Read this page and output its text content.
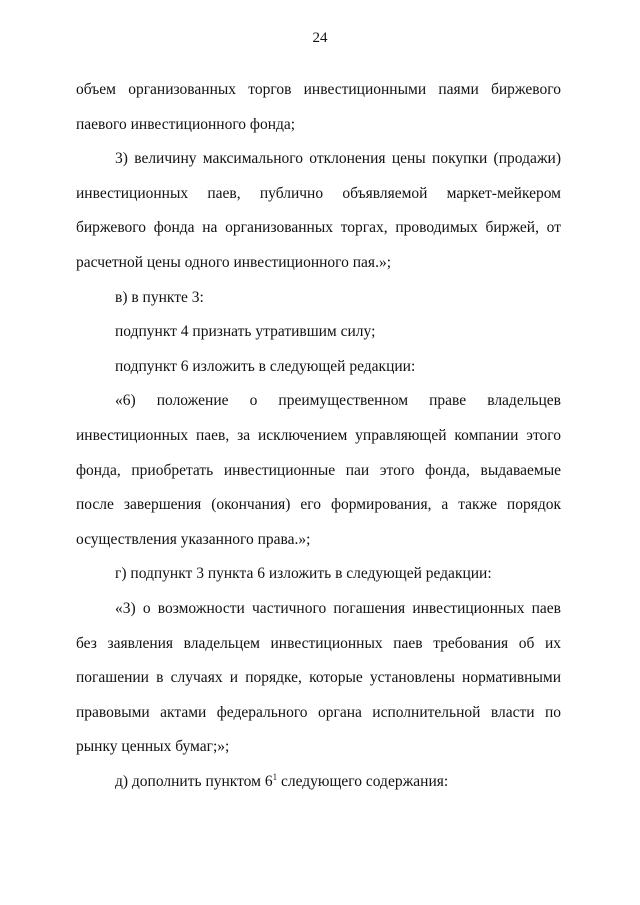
24

объем организованных торгов инвестиционными паями биржевого паевого инвестиционного фонда;

3) величину максимального отклонения цены покупки (продажи) инвестиционных паев, публично объявляемой маркет-мейкером биржевого фонда на организованных торгах, проводимых биржей, от расчетной цены одного инвестиционного пая.»;

в) в пункте 3:

подпункт 4 признать утратившим силу;

подпункт 6 изложить в следующей редакции:

«6) положение о преимущественном праве владельцев инвестиционных паев, за исключением управляющей компании этого фонда, приобретать инвестиционные паи этого фонда, выдаваемые после завершения (окончания) его формирования, а также порядок осуществления указанного права.»;

г) подпункт 3 пункта 6 изложить в следующей редакции:

«3) о возможности частичного погашения инвестиционных паев без заявления владельцем инвестиционных паев требования об их погашении в случаях и порядке, которые установлены нормативными правовыми актами федерального органа исполнительной власти по рынку ценных бумаг;»;

д) дополнить пунктом $6^1$ следующего содержания:
